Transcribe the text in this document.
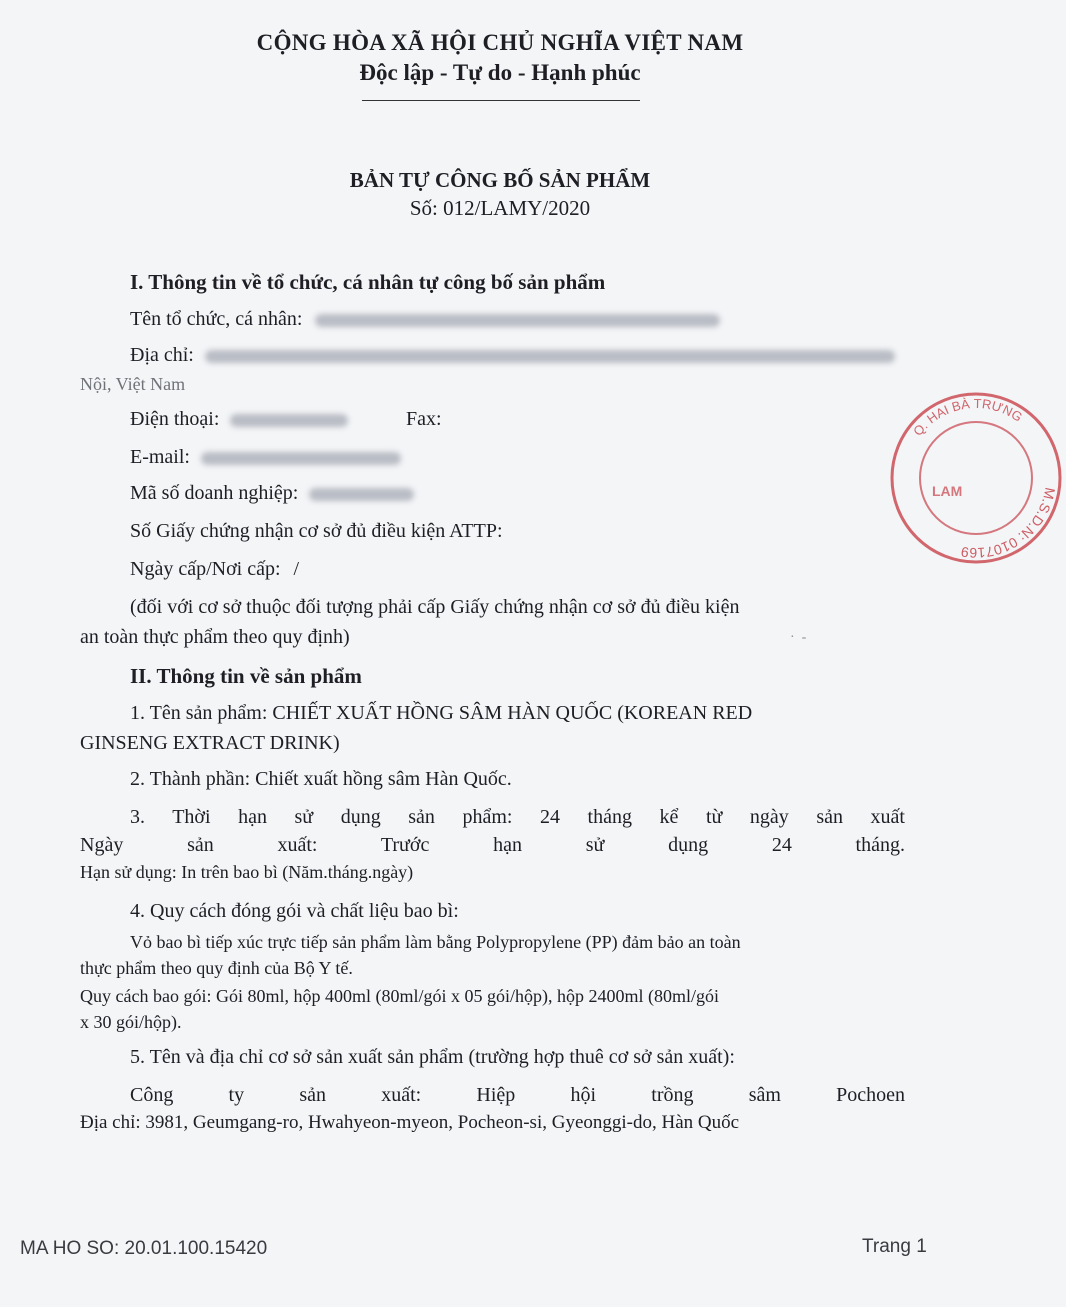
CỘNG HÒA XÃ HỘI CHỦ NGHĨA VIỆT NAM
Độc lập - Tự do - Hạnh phúc
BẢN TỰ CÔNG BỐ SẢN PHẨM
Số: 012/LAMY/2020
I. Thông tin về tổ chức, cá nhân tự công bố sản phẩm
Tên tổ chức, cá nhân:
Địa chỉ:
Nội, Việt Nam
Điện thoại:	Fax:
E-mail:
Mã số doanh nghiệp:
Số Giấy chứng nhận cơ sở đủ điều kiện ATTP:
Ngày cấp/Nơi cấp: /
(đối với cơ sở thuộc đối tượng phải cấp Giấy chứng nhận cơ sở đủ điều kiện
an toàn thực phẩm theo quy định)	·  -
II. Thông tin về sản phẩm
1. Tên sản phẩm: CHIẾT XUẤT HỒNG SÂM HÀN QUỐC (KOREAN RED
GINSENG EXTRACT DRINK)
2. Thành phần: Chiết xuất hồng sâm Hàn Quốc.
3. Thời hạn sử dụng sản phẩm: 24 tháng kể từ ngày sản xuất
Ngày sản xuất: Trước hạn sử dụng 24 tháng.
Hạn sử dụng: In trên bao bì (Năm.tháng.ngày)
4. Quy cách đóng gói và chất liệu bao bì:
Vỏ bao bì tiếp xúc trực tiếp sản phẩm làm bằng Polypropylene (PP) đảm bảo an toàn
thực phẩm theo quy định của Bộ Y tế.
Quy cách bao gói: Gói 80ml, hộp 400ml (80ml/gói x 05 gói/hộp), hộp 2400ml (80ml/gói
x 30 gói/hộp).
5. Tên và địa chỉ cơ sở sản xuất sản phẩm (trường hợp thuê cơ sở sản xuất):
Công ty sản xuất: Hiệp hội trồng sâm Pochoen
Địa chỉ: 3981, Geumgang-ro, Hwahyeon-myeon, Pocheon-si, Gyeonggi-do, Hàn Quốc
MA HO SO: 20.01.100.15420	Trang 1
M.S.D.N: 0107169
Q. HAI BÀ TRƯNG
LAM
